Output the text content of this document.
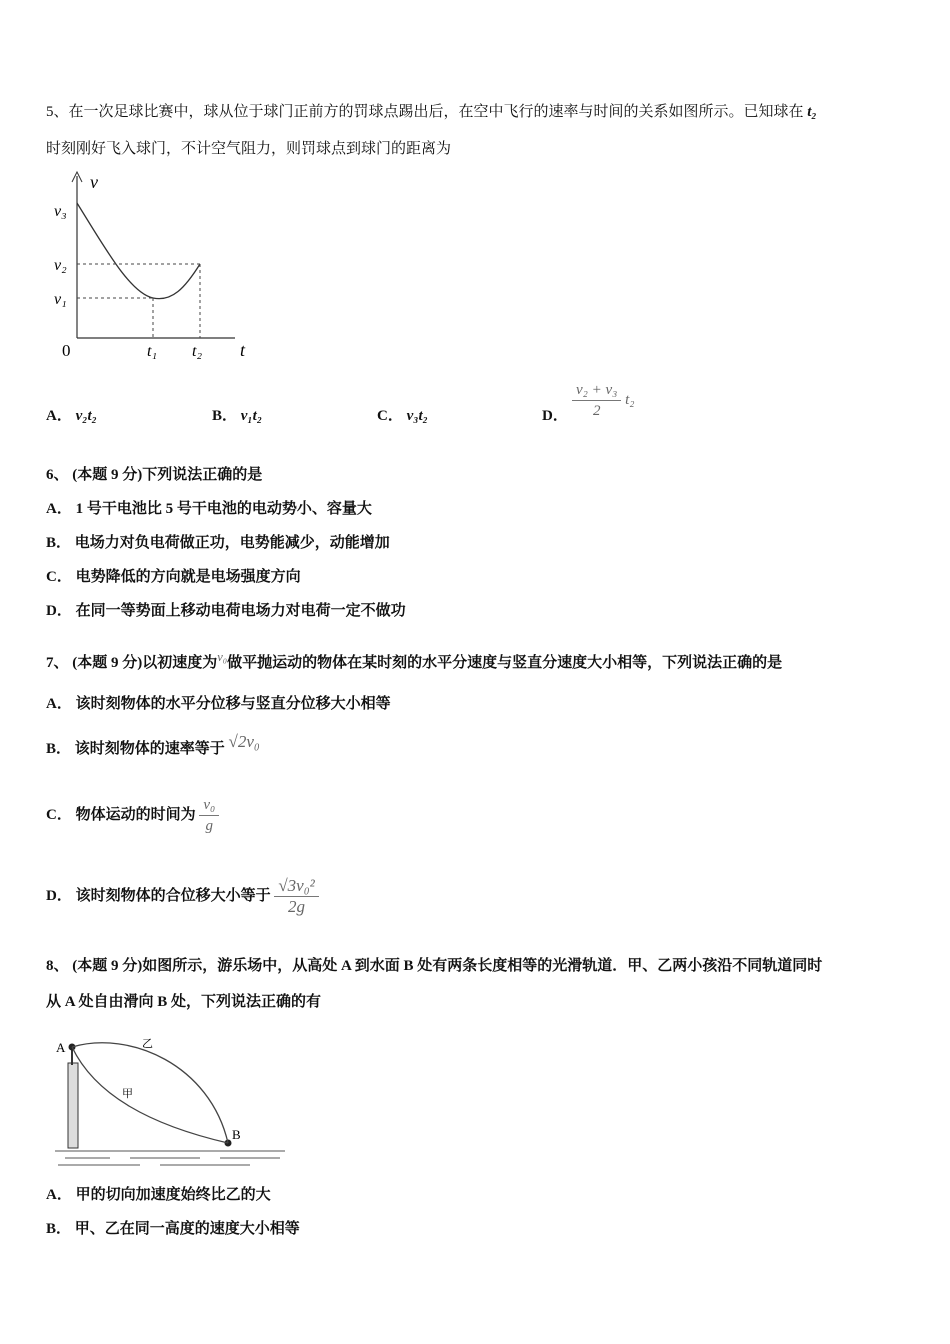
5、在一次足球比赛中，球从位于球门正前方的罚球点踢出后，在空中飞行的速率与时间的关系如图所示。已知球在 t₂
时刻刚好飞入球门，不计空气阻力，则罚球点到球门的距离为
v
v₃
v₂
v₁
0	t₁ t₂ t
A． v₂t₂	B． v₁t₂	C． v₃t₂	D． $\frac{\text{v₂ + v₃}}{2} t_2$
6、 (本题 9 分)下列说法正确的是
A． 1 号干电池比 5 号干电池的电动势小、容量大
B． 电场力对负电荷做正功，电势能减少，动能增加
C． 电势降低的方向就是电场强度方向
D． 在同一等势面上移动电荷电场力对电荷一定不做功
7、 (本题 9 分)以初速度为$^{v_0}$做平抛运动的物体在某时刻的水平分速度与竖直分速度大小相等，下列说法正确的是
A． 该时刻物体的水平分位移与竖直分位移大小相等
B． 该时刻物体的速率等于 √2v₀
C． 物体运动的时间为 $\frac{\text{v₀}}{g}$
D． 该时刻物体的合位移大小等于 $\frac{\text{√3v₀²}}{2g}$
8、 (本题 9 分)如图所示，游乐场中，从高处 A 到水面 B 处有两条长度相等的光滑轨道．甲、乙两小孩沿不同轨道同时
从 A 处自由滑向 B 处，下列说法正确的有
A
B
甲
乙
A． 甲的切向加速度始终比乙的大
B． 甲、乙在同一高度的速度大小相等
